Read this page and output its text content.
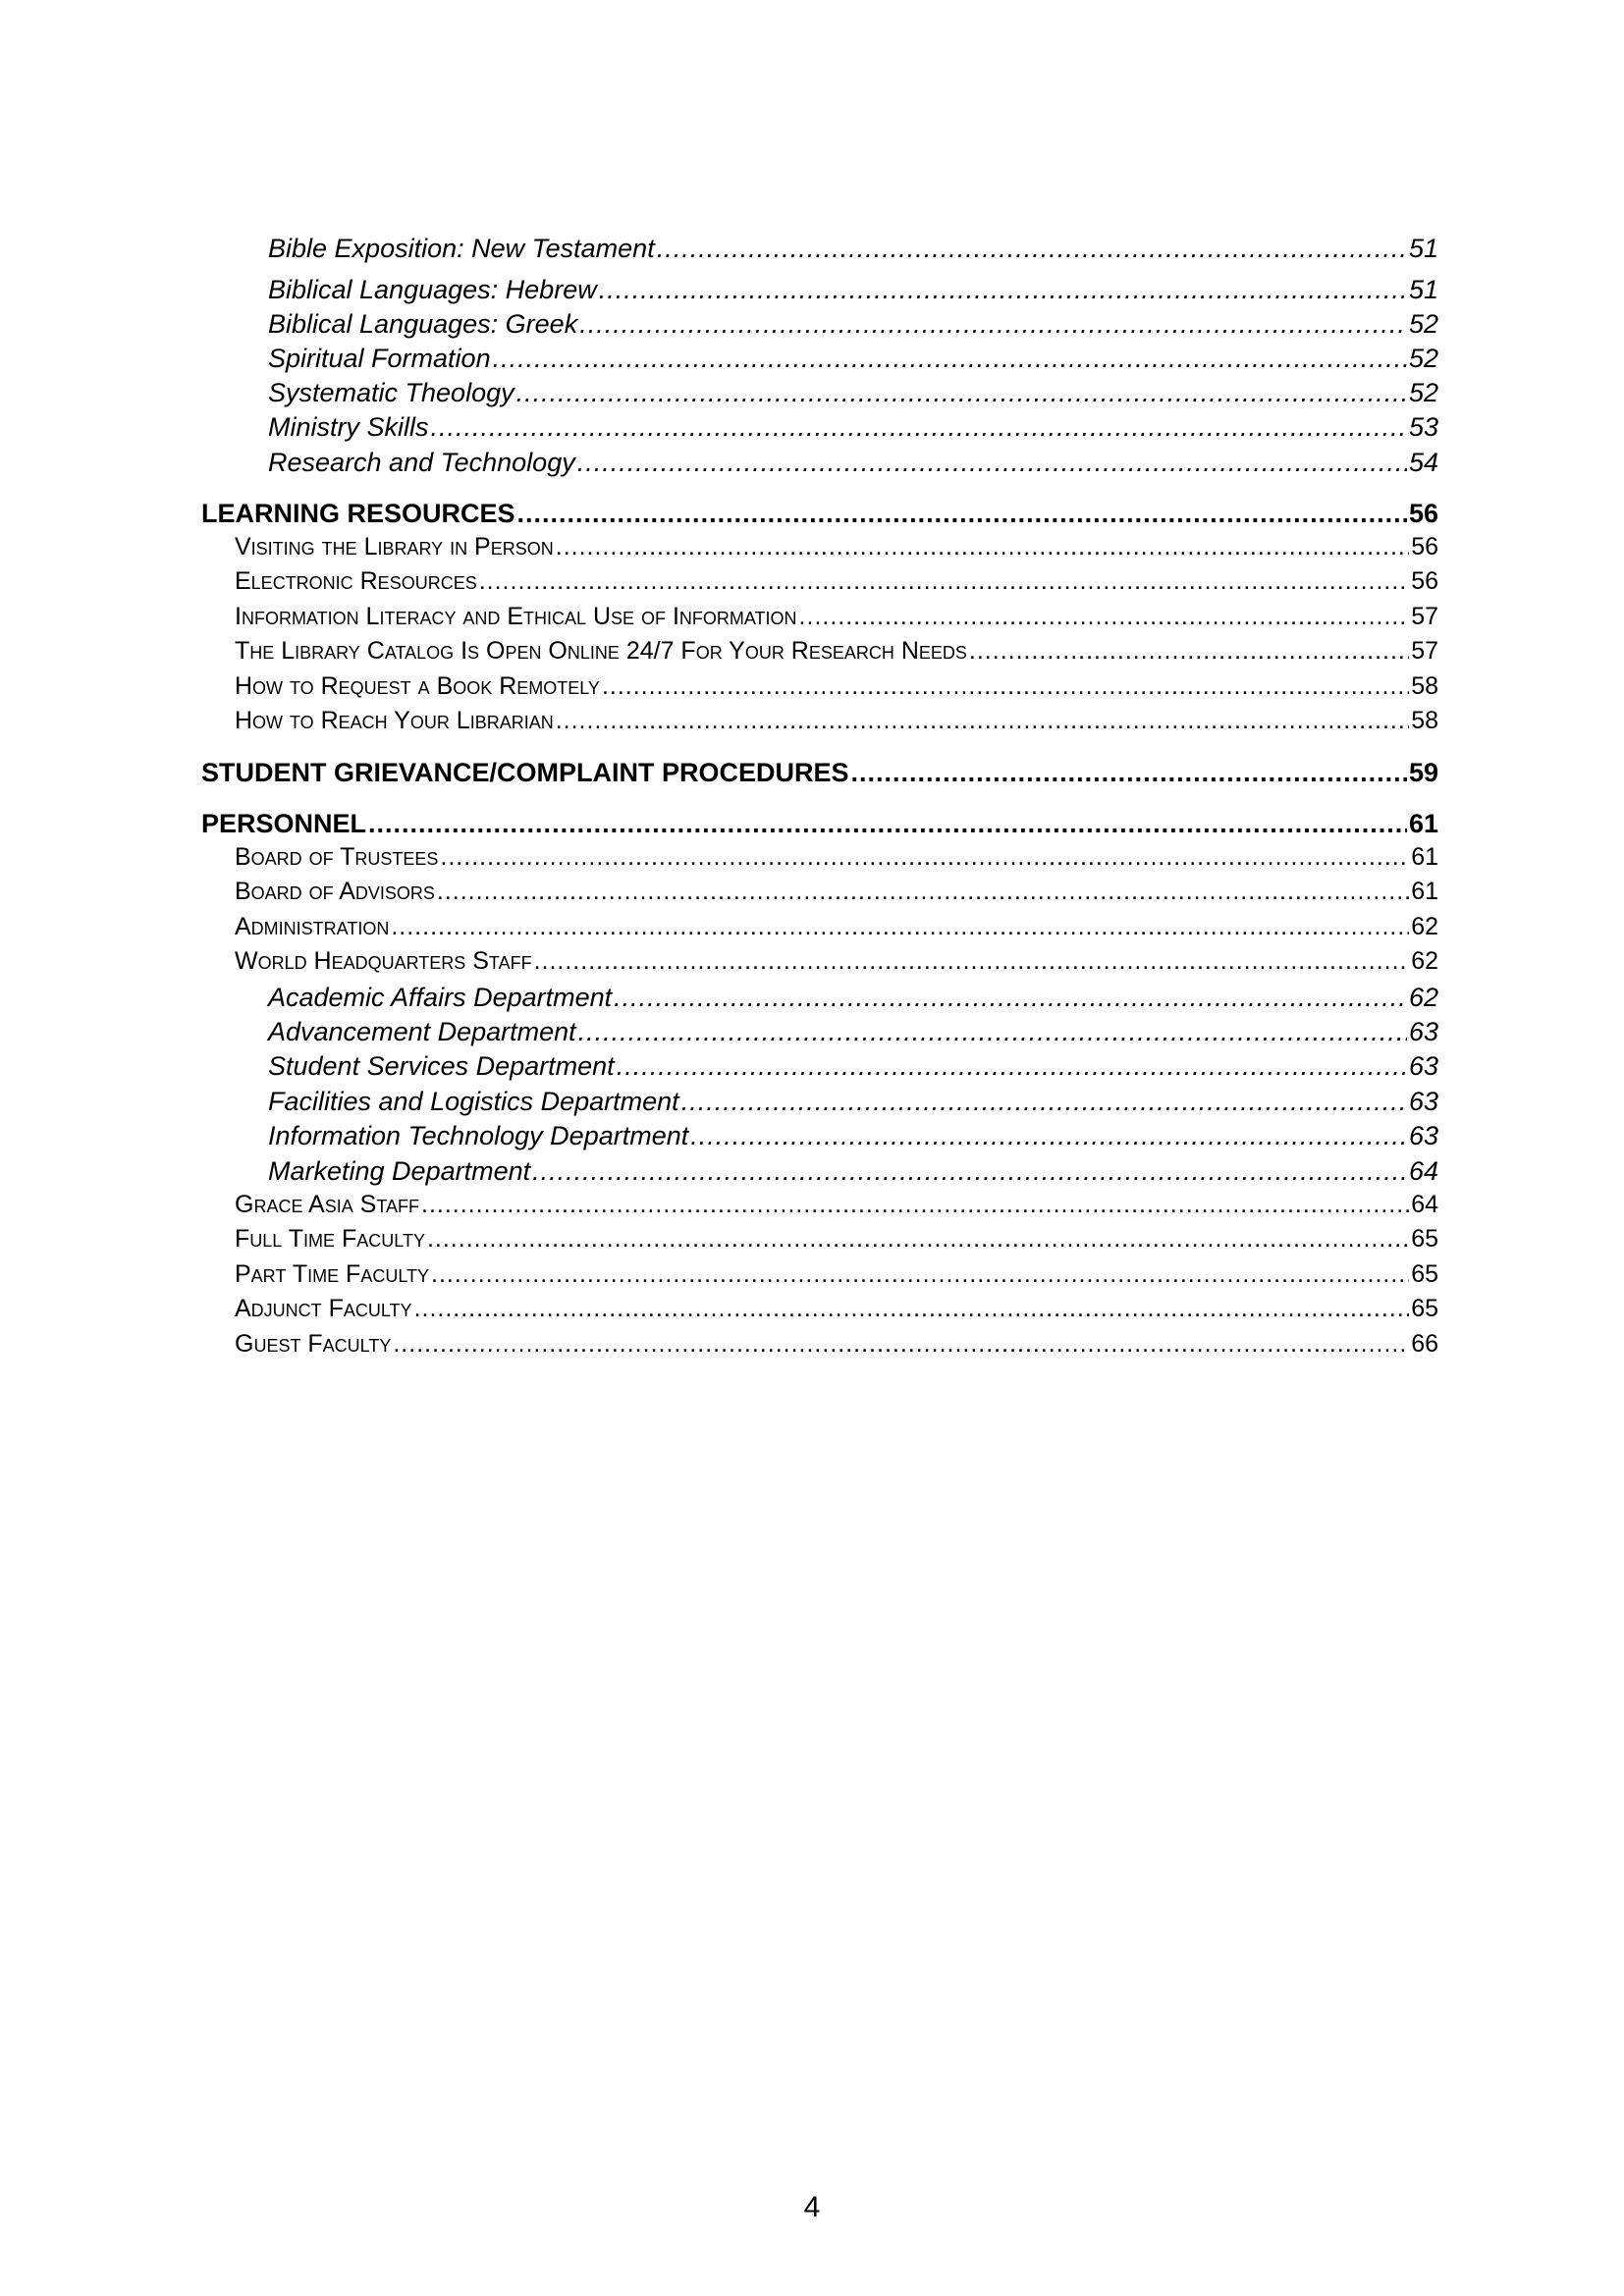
Bible Exposition: New Testament .....	51
Biblical Languages: Hebrew .....	51
Biblical Languages: Greek .....	52
Spiritual Formation .....	52
Systematic Theology .....	52
Ministry Skills .....	53
Research and Technology .....	54
LEARNING RESOURCES .....	56
Visiting the Library in Person .....	56
Electronic Resources .....	56
Information Literacy and Ethical Use of Information .....	57
The Library Catalog Is Open Online 24/7 For Your Research Needs .....	57
How to Request a Book Remotely .....	58
How to Reach Your Librarian .....	58
STUDENT GRIEVANCE/COMPLAINT PROCEDURES .....	59
PERSONNEL .....	61
Board of Trustees .....	61
Board of Advisors .....	61
Administration .....	62
World Headquarters Staff .....	62
Academic Affairs Department .....	62
Advancement Department .....	63
Student Services Department .....	63
Facilities and Logistics Department .....	63
Information Technology Department .....	63
Marketing Department .....	64
Grace Asia Staff .....	64
Full Time Faculty .....	65
Part Time Faculty .....	65
Adjunct Faculty .....	65
Guest Faculty .....	66
4
